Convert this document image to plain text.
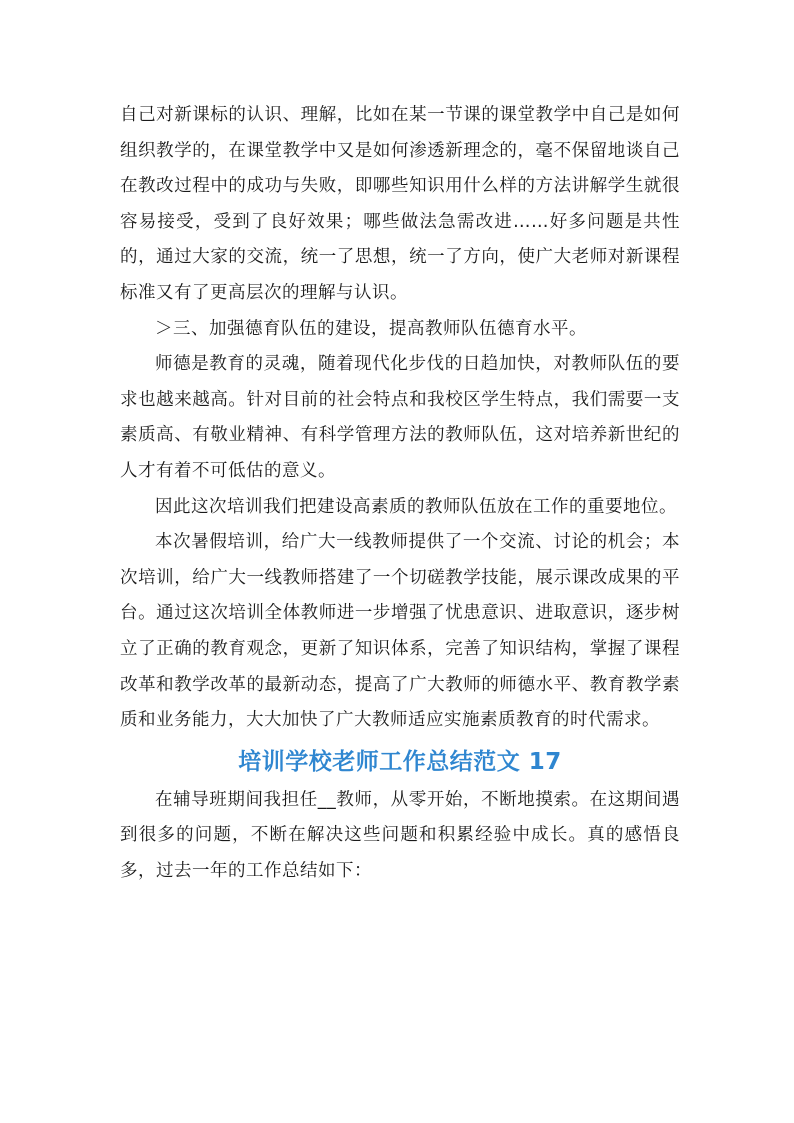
自己对新课标的认识、理解，比如在某一节课的课堂教学中自己是如何组织教学的，在课堂教学中又是如何渗透新理念的，毫不保留地谈自己在教改过程中的成功与失败，即哪些知识用什么样的方法讲解学生就很容易接受，受到了良好效果；哪些做法急需改进……好多问题是共性的，通过大家的交流，统一了思想，统一了方向，使广大老师对新课程标准又有了更高层次的理解与认识。

＞三、加强德育队伍的建设，提高教师队伍德育水平。

师德是教育的灵魂，随着现代化步伐的日趋加快，对教师队伍的要求也越来越高。针对目前的社会特点和我校区学生特点，我们需要一支素质高、有敬业精神、有科学管理方法的教师队伍，这对培养新世纪的人才有着不可低估的意义。

因此这次培训我们把建设高素质的教师队伍放在工作的重要地位。

本次暑假培训，给广大一线教师提供了一个交流、讨论的机会；本次培训，给广大一线教师搭建了一个切磋教学技能，展示课改成果的平台。通过这次培训全体教师进一步增强了忧患意识、进取意识，逐步树立了正确的教育观念，更新了知识体系，完善了知识结构，掌握了课程改革和教学改革的最新动态，提高了广大教师的师德水平、教育教学素质和业务能力，大大加快了广大教师适应实施素质教育的时代需求。

培训学校老师工作总结范文 17

在辅导班期间我担任__教师，从零开始，不断地摸索。在这期间遇到很多的问题，不断在解决这些问题和积累经验中成长。真的感悟良多，过去一年的工作总结如下：
